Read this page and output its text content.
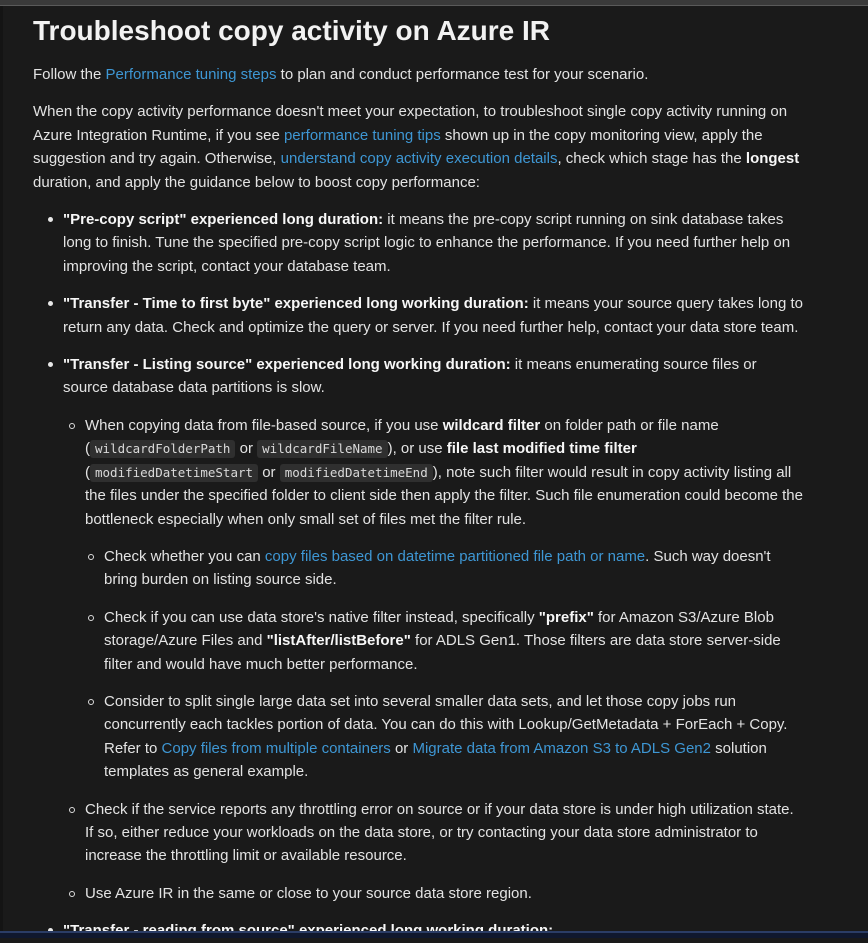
Troubleshoot copy activity on Azure IR
Follow the Performance tuning steps to plan and conduct performance test for your scenario.
When the copy activity performance doesn't meet your expectation, to troubleshoot single copy activity running on Azure Integration Runtime, if you see performance tuning tips shown up in the copy monitoring view, apply the suggestion and try again. Otherwise, understand copy activity execution details, check which stage has the longest duration, and apply the guidance below to boost copy performance:
"Pre-copy script" experienced long duration: it means the pre-copy script running on sink database takes long to finish. Tune the specified pre-copy script logic to enhance the performance. If you need further help on improving the script, contact your database team.
"Transfer - Time to first byte" experienced long working duration: it means your source query takes long to return any data. Check and optimize the query or server. If you need further help, contact your data store team.
"Transfer - Listing source" experienced long working duration: it means enumerating source files or source database data partitions is slow.
When copying data from file-based source, if you use wildcard filter on folder path or file name ( wildcardFolderPath or wildcardFileName ), or use file last modified time filter ( modifiedDatetimeStart or modifiedDatetimeEnd ), note such filter would result in copy activity listing all the files under the specified folder to client side then apply the filter. Such file enumeration could become the bottleneck especially when only small set of files met the filter rule.
Check whether you can copy files based on datetime partitioned file path or name. Such way doesn't bring burden on listing source side.
Check if you can use data store's native filter instead, specifically "prefix" for Amazon S3/Azure Blob storage/Azure Files and "listAfter/listBefore" for ADLS Gen1. Those filters are data store server-side filter and would have much better performance.
Consider to split single large data set into several smaller data sets, and let those copy jobs run concurrently each tackles portion of data. You can do this with Lookup/GetMetadata + ForEach + Copy. Refer to Copy files from multiple containers or Migrate data from Amazon S3 to ADLS Gen2 solution templates as general example.
Check if the service reports any throttling error on source or if your data store is under high utilization state. If so, either reduce your workloads on the data store, or try contacting your data store administrator to increase the throttling limit or available resource.
Use Azure IR in the same or close to your source data store region.
